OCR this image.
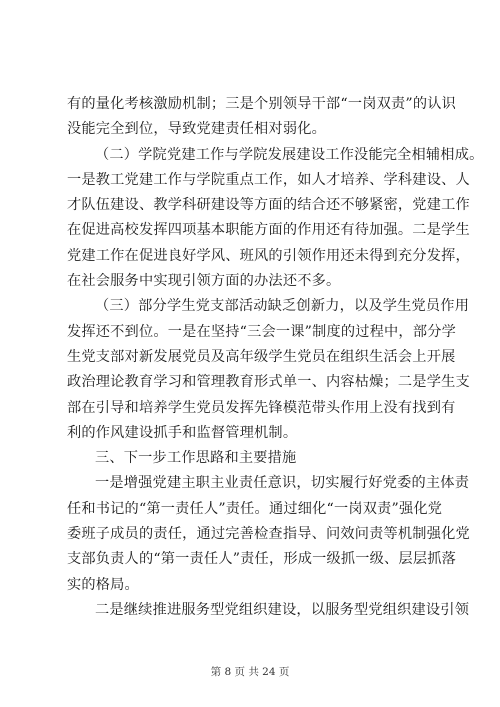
有的量化考核激励机制；三是个别领导干部“一岗双责”的认识
没能完全到位，导致党建责任相对弱化。
（二）学院党建工作与学院发展建设工作没能完全相辅相成。
一是教工党建工作与学院重点工作，如人才培养、学科建设、人
才队伍建设、教学科研建设等方面的结合还不够紧密，党建工作
在促进高校发挥四项基本职能方面的作用还有待加强。二是学生
党建工作在促进良好学风、班风的引领作用还未得到充分发挥，
在社会服务中实现引领方面的办法还不多。
（三）部分学生党支部活动缺乏创新力，以及学生党员作用
发挥还不到位。一是在坚持“三会一课”制度的过程中，部分学
生党支部对新发展党员及高年级学生党员在组织生活会上开展
政治理论教育学习和管理教育形式单一、内容枯燥；二是学生支
部在引导和培养学生党员发挥先锋模范带头作用上没有找到有
利的作风建设抓手和监督管理机制。
三、下一步工作思路和主要措施
一是增强党建主职主业责任意识，切实履行好党委的主体责
任和书记的“第一责任人”责任。通过细化“一岗双责”强化党
委班子成员的责任，通过完善检查指导、问效问责等机制强化党
支部负责人的“第一责任人”责任，形成一级抓一级、层层抓落
实的格局。
二是继续推进服务型党组织建设，以服务型党组织建设引领
第 8 页 共 24 页
